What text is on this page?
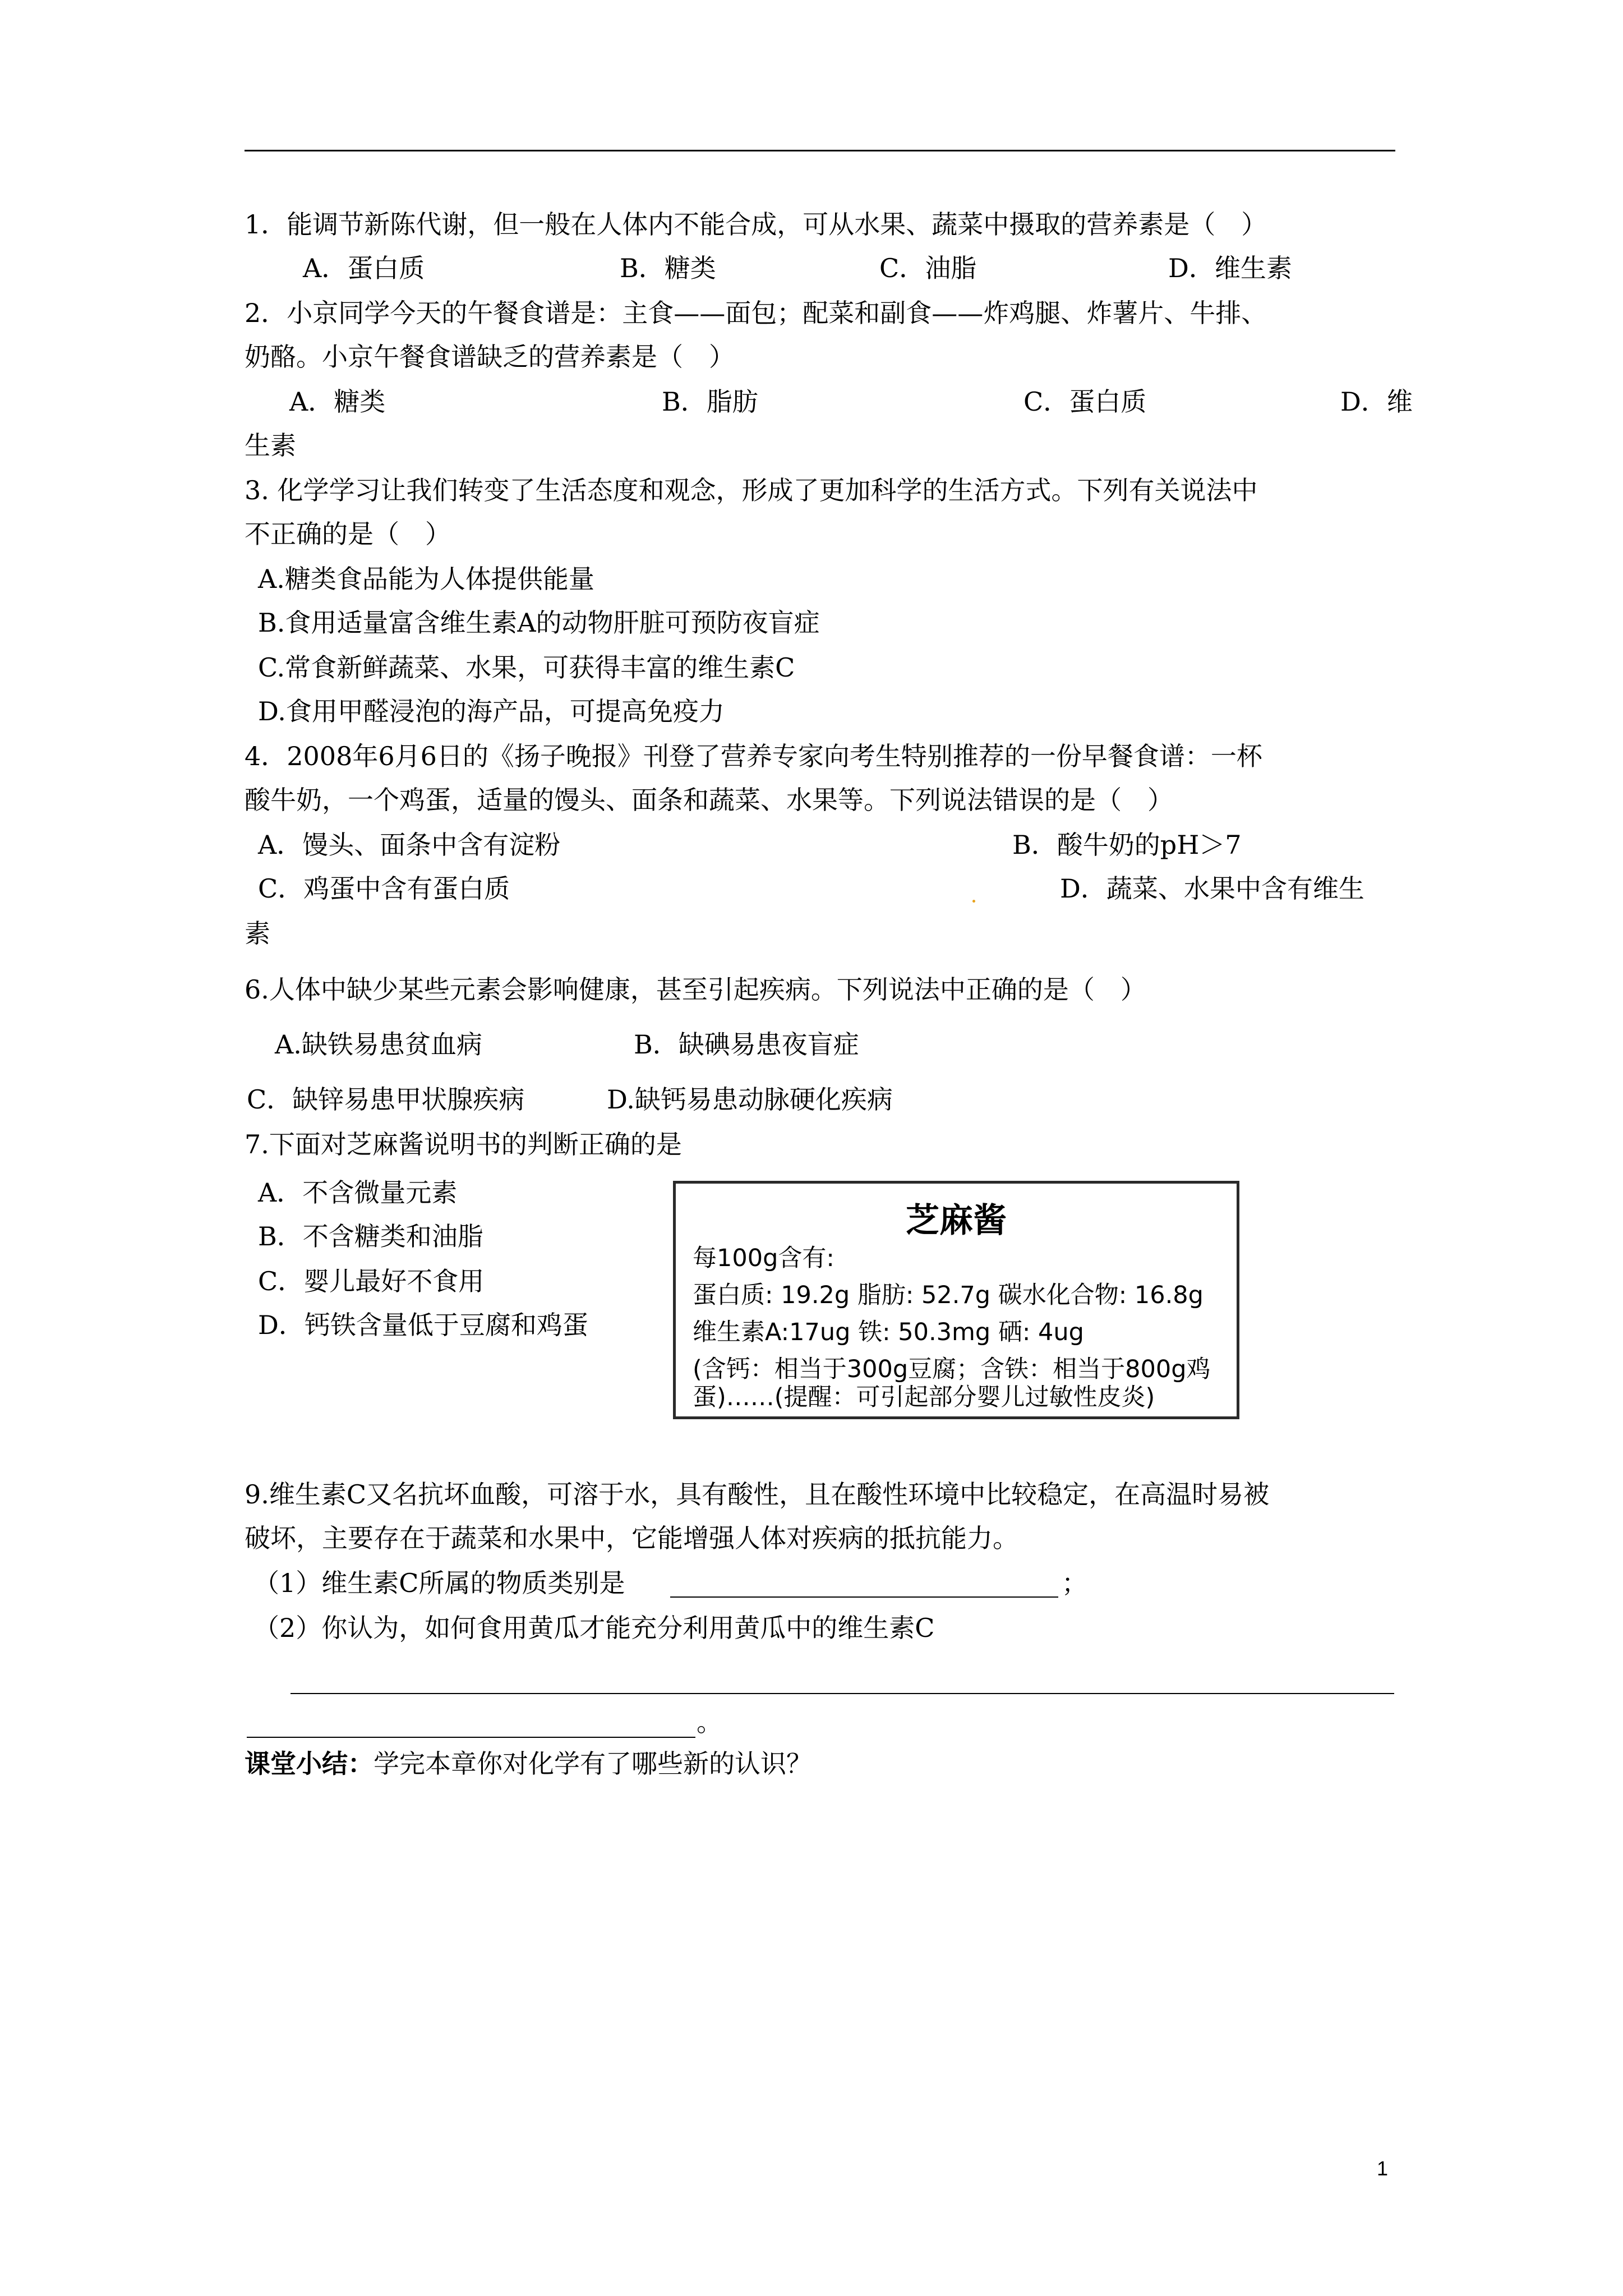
1．能调节新陈代谢，但一般在人体内不能合成，可从水果、蔬菜中摄取的营养素是（　）
A．蛋白质	B．糖类	C．油脂	D．维生素
2．小京同学今天的午餐食谱是：主食——面包；配菜和副食——炸鸡腿、炸薯片、牛排、
奶酪。小京午餐食谱缺乏的营养素是（　）
A．糖类	B．脂肪	C．蛋白质	D．维
生素
3. 化学学习让我们转变了生活态度和观念，形成了更加科学的生活方式。下列有关说法中
不正确的是（　）
A.糖类食品能为人体提供能量
B.食用适量富含维生素A的动物肝脏可预防夜盲症
C.常食新鲜蔬菜、水果，可获得丰富的维生素C
D.食用甲醛浸泡的海产品，可提高免疫力
4．2008年6月6日的《扬子晚报》刊登了营养专家向考生特别推荐的一份早餐食谱：一杯
酸牛奶，一个鸡蛋，适量的馒头、面条和蔬菜、水果等。下列说法错误的是（　）
A．馒头、面条中含有淀粉	B．酸牛奶的pH＞7
C．鸡蛋中含有蛋白质	D．蔬菜、水果中含有维生
素
6.人体中缺少某些元素会影响健康，甚至引起疾病。下列说法中正确的是（　）
A.缺铁易患贫血病	B．缺碘易患夜盲症
C．缺锌易患甲状腺疾病	D.缺钙易患动脉硬化疾病
7.下面对芝麻酱说明书的判断正确的是
A．不含微量元素
B．不含糖类和油脂
C．婴儿最好不食用
D．钙铁含量低于豆腐和鸡蛋
芝麻酱
每100g含有:
蛋白质: 19.2g 脂肪: 52.7g 碳水化合物: 16.8g
维生素A:17ug 铁: 50.3mg 硒: 4ug
(含钙：相当于300g豆腐；含铁：相当于800g鸡
蛋)……(提醒：可引起部分婴儿过敏性皮炎)
9.维生素C又名抗坏血酸，可溶于水，具有酸性，且在酸性环境中比较稳定，在高温时易被
破坏，主要存在于蔬菜和水果中，它能增强人体对疾病的抵抗能力。
（1）维生素C所属的物质类别是	；
（2）你认为，如何食用黄瓜才能充分利用黄瓜中的维生素C
。
课堂小结：学完本章你对化学有了哪些新的认识？
1
